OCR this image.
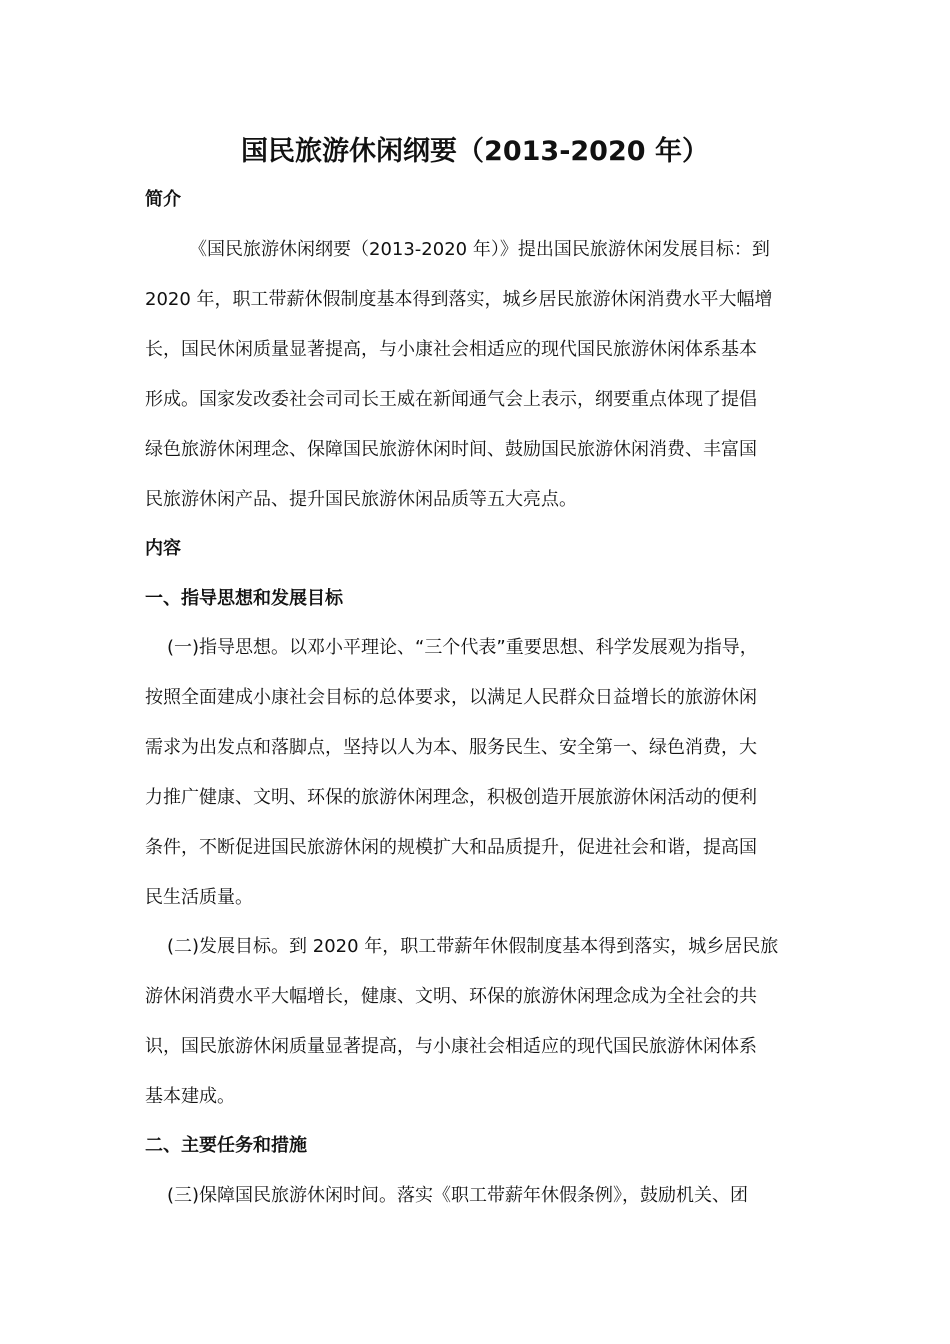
国民旅游休闲纲要（2013-2020 年）
简介
《国民旅游休闲纲要（2013-2020 年）》提出国民旅游休闲发展目标：到
2020 年，职工带薪休假制度基本得到落实，城乡居民旅游休闲消费水平大幅增
长，国民休闲质量显著提高，与小康社会相适应的现代国民旅游休闲体系基本
形成。国家发改委社会司司长王威在新闻通气会上表示，纲要重点体现了提倡
绿色旅游休闲理念、保障国民旅游休闲时间、鼓励国民旅游休闲消费、丰富国
民旅游休闲产品、提升国民旅游休闲品质等五大亮点。
内容
一、指导思想和发展目标
(一)指导思想。以邓小平理论、“三个代表”重要思想、科学发展观为指导，
按照全面建成小康社会目标的总体要求，以满足人民群众日益增长的旅游休闲
需求为出发点和落脚点，坚持以人为本、服务民生、安全第一、绿色消费，大
力推广健康、文明、环保的旅游休闲理念，积极创造开展旅游休闲活动的便利
条件，不断促进国民旅游休闲的规模扩大和品质提升，促进社会和谐，提高国
民生活质量。
(二)发展目标。到 2020 年，职工带薪年休假制度基本得到落实，城乡居民旅
游休闲消费水平大幅增长，健康、文明、环保的旅游休闲理念成为全社会的共
识，国民旅游休闲质量显著提高，与小康社会相适应的现代国民旅游休闲体系
基本建成。
二、主要任务和措施
(三)保障国民旅游休闲时间。落实《职工带薪年休假条例》，鼓励机关、团
